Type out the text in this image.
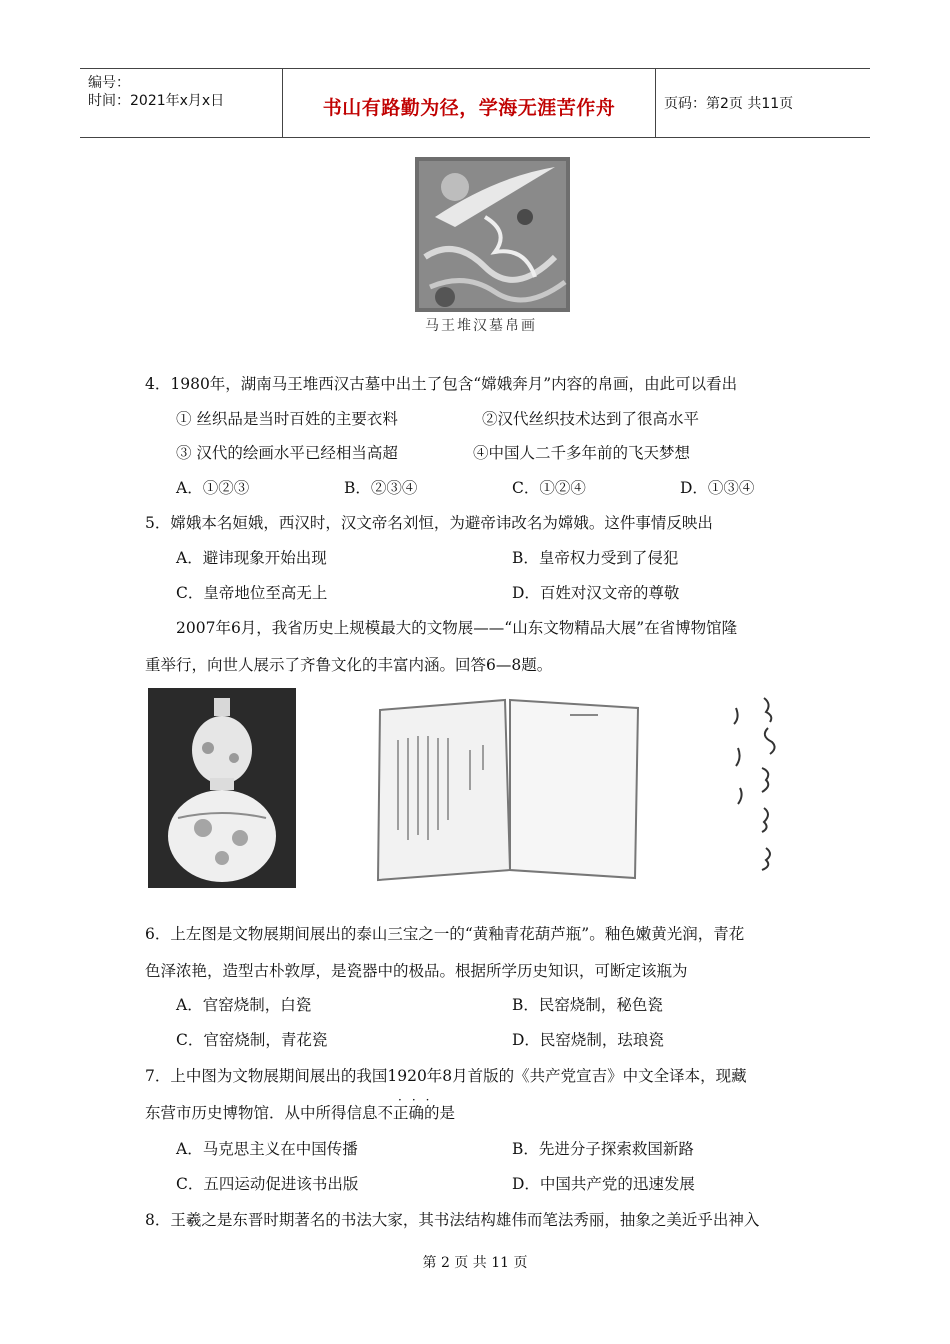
编号：
时间：2021年x月x日	书山有路勤为径，学海无涯苦作舟	页码：第2页 共11页
马王堆汉墓帛画
4．1980年，湖南马王堆西汉古墓中出土了包含“嫦娥奔月”内容的帛画，由此可以看出
① 丝织品是当时百姓的主要衣料	②汉代丝织技术达到了很高水平
③ 汉代的绘画水平已经相当高超	④中国人二千多年前的飞天梦想
A．①②③	B．②③④	C．①②④	D．①③④
5．嫦娥本名姮娥，西汉时，汉文帝名刘恒，为避帝讳改名为嫦娥。这件事情反映出
A．避讳现象开始出现	B．皇帝权力受到了侵犯
C．皇帝地位至高无上	D．百姓对汉文帝的尊敬
2007年6月，我省历史上规模最大的文物展——“山东文物精品大展”在省博物馆隆
重举行，向世人展示了齐鲁文化的丰富内涵。回答6—8题。
6．上左图是文物展期间展出的泰山三宝之一的“黄釉青花葫芦瓶”。釉色嫩黄光润，青花
色泽浓艳，造型古朴敦厚，是瓷器中的极品。根据所学历史知识，可断定该瓶为
A．官窑烧制，白瓷	B．民窑烧制，秘色瓷
C．官窑烧制，青花瓷	D．民窑烧制，珐琅瓷
7．上中图为文物展期间展出的我国1920年8月首版的《共产党宣吉》中文全译本，现藏
···
东营市历史博物馆．从中所得信息不正确的是
A．马克思主义在中国传播	B．先进分子探索救国新路
C．五四运动促进该书出版	D．中国共产党的迅速发展
8．王羲之是东晋时期著名的书法大家，其书法结构雄伟而笔法秀丽，抽象之美近乎出神入
第 2 页 共 11 页
